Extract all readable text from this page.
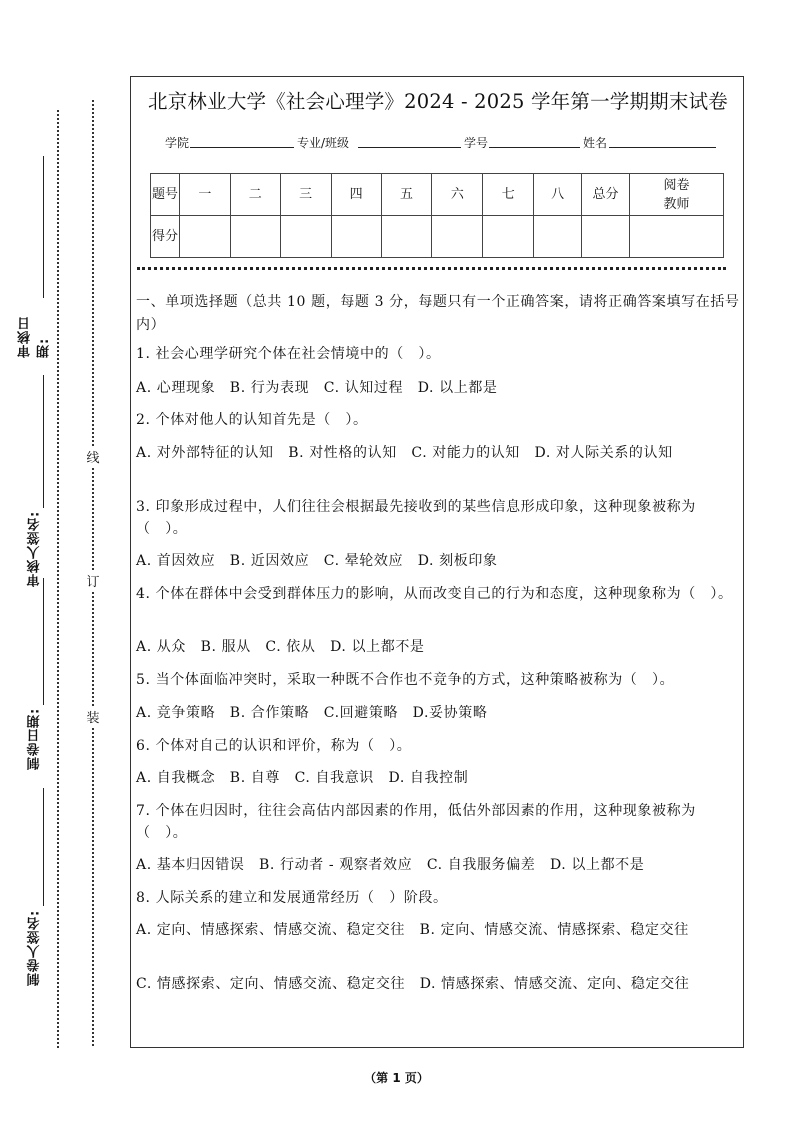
审核日期:
审核人签名:
制卷日期:
制卷人签名:
线
订
装
北京林业大学《社会心理学》2024 - 2025 学年第一学期期末试卷
学院	专业/班级	学号	姓名
题号	一	二	三	四	五	六	七	八	总分	阅卷教师
得分										
一、单项选择题（总共 10 题，每题 3 分，每题只有一个正确答案，请将正确答案填写在括号内）
1. 社会心理学研究个体在社会情境中的（　）。
A. 心理现象　B. 行为表现　C. 认知过程　D. 以上都是
2. 个体对他人的认知首先是（　）。
A. 对外部特征的认知　B. 对性格的认知　C. 对能力的认知　D. 对人际关系的认知
3. 印象形成过程中，人们往往会根据最先接收到的某些信息形成印象，这种现象被称为（　）。
A. 首因效应　B. 近因效应　C. 晕轮效应　D. 刻板印象
4. 个体在群体中会受到群体压力的影响，从而改变自己的行为和态度，这种现象称为（　）。
A. 从众　B. 服从　C. 依从　D. 以上都不是
5. 当个体面临冲突时，采取一种既不合作也不竞争的方式，这种策略被称为（　）。
A. 竞争策略　B. 合作策略　C.回避策略　D.妥协策略
6. 个体对自己的认识和评价，称为（　）。
A. 自我概念　B. 自尊　C. 自我意识　D. 自我控制
7. 个体在归因时，往往会高估内部因素的作用，低估外部因素的作用，这种现象被称为（　）。
A. 基本归因错误　B. 行动者 - 观察者效应　C. 自我服务偏差　D. 以上都不是
8. 人际关系的建立和发展通常经历（　）阶段。
A. 定向、情感探索、情感交流、稳定交往　B. 定向、情感交流、情感探索、稳定交往
C. 情感探索、定向、情感交流、稳定交往　D. 情感探索、情感交流、定向、稳定交往
（第 1 页）
